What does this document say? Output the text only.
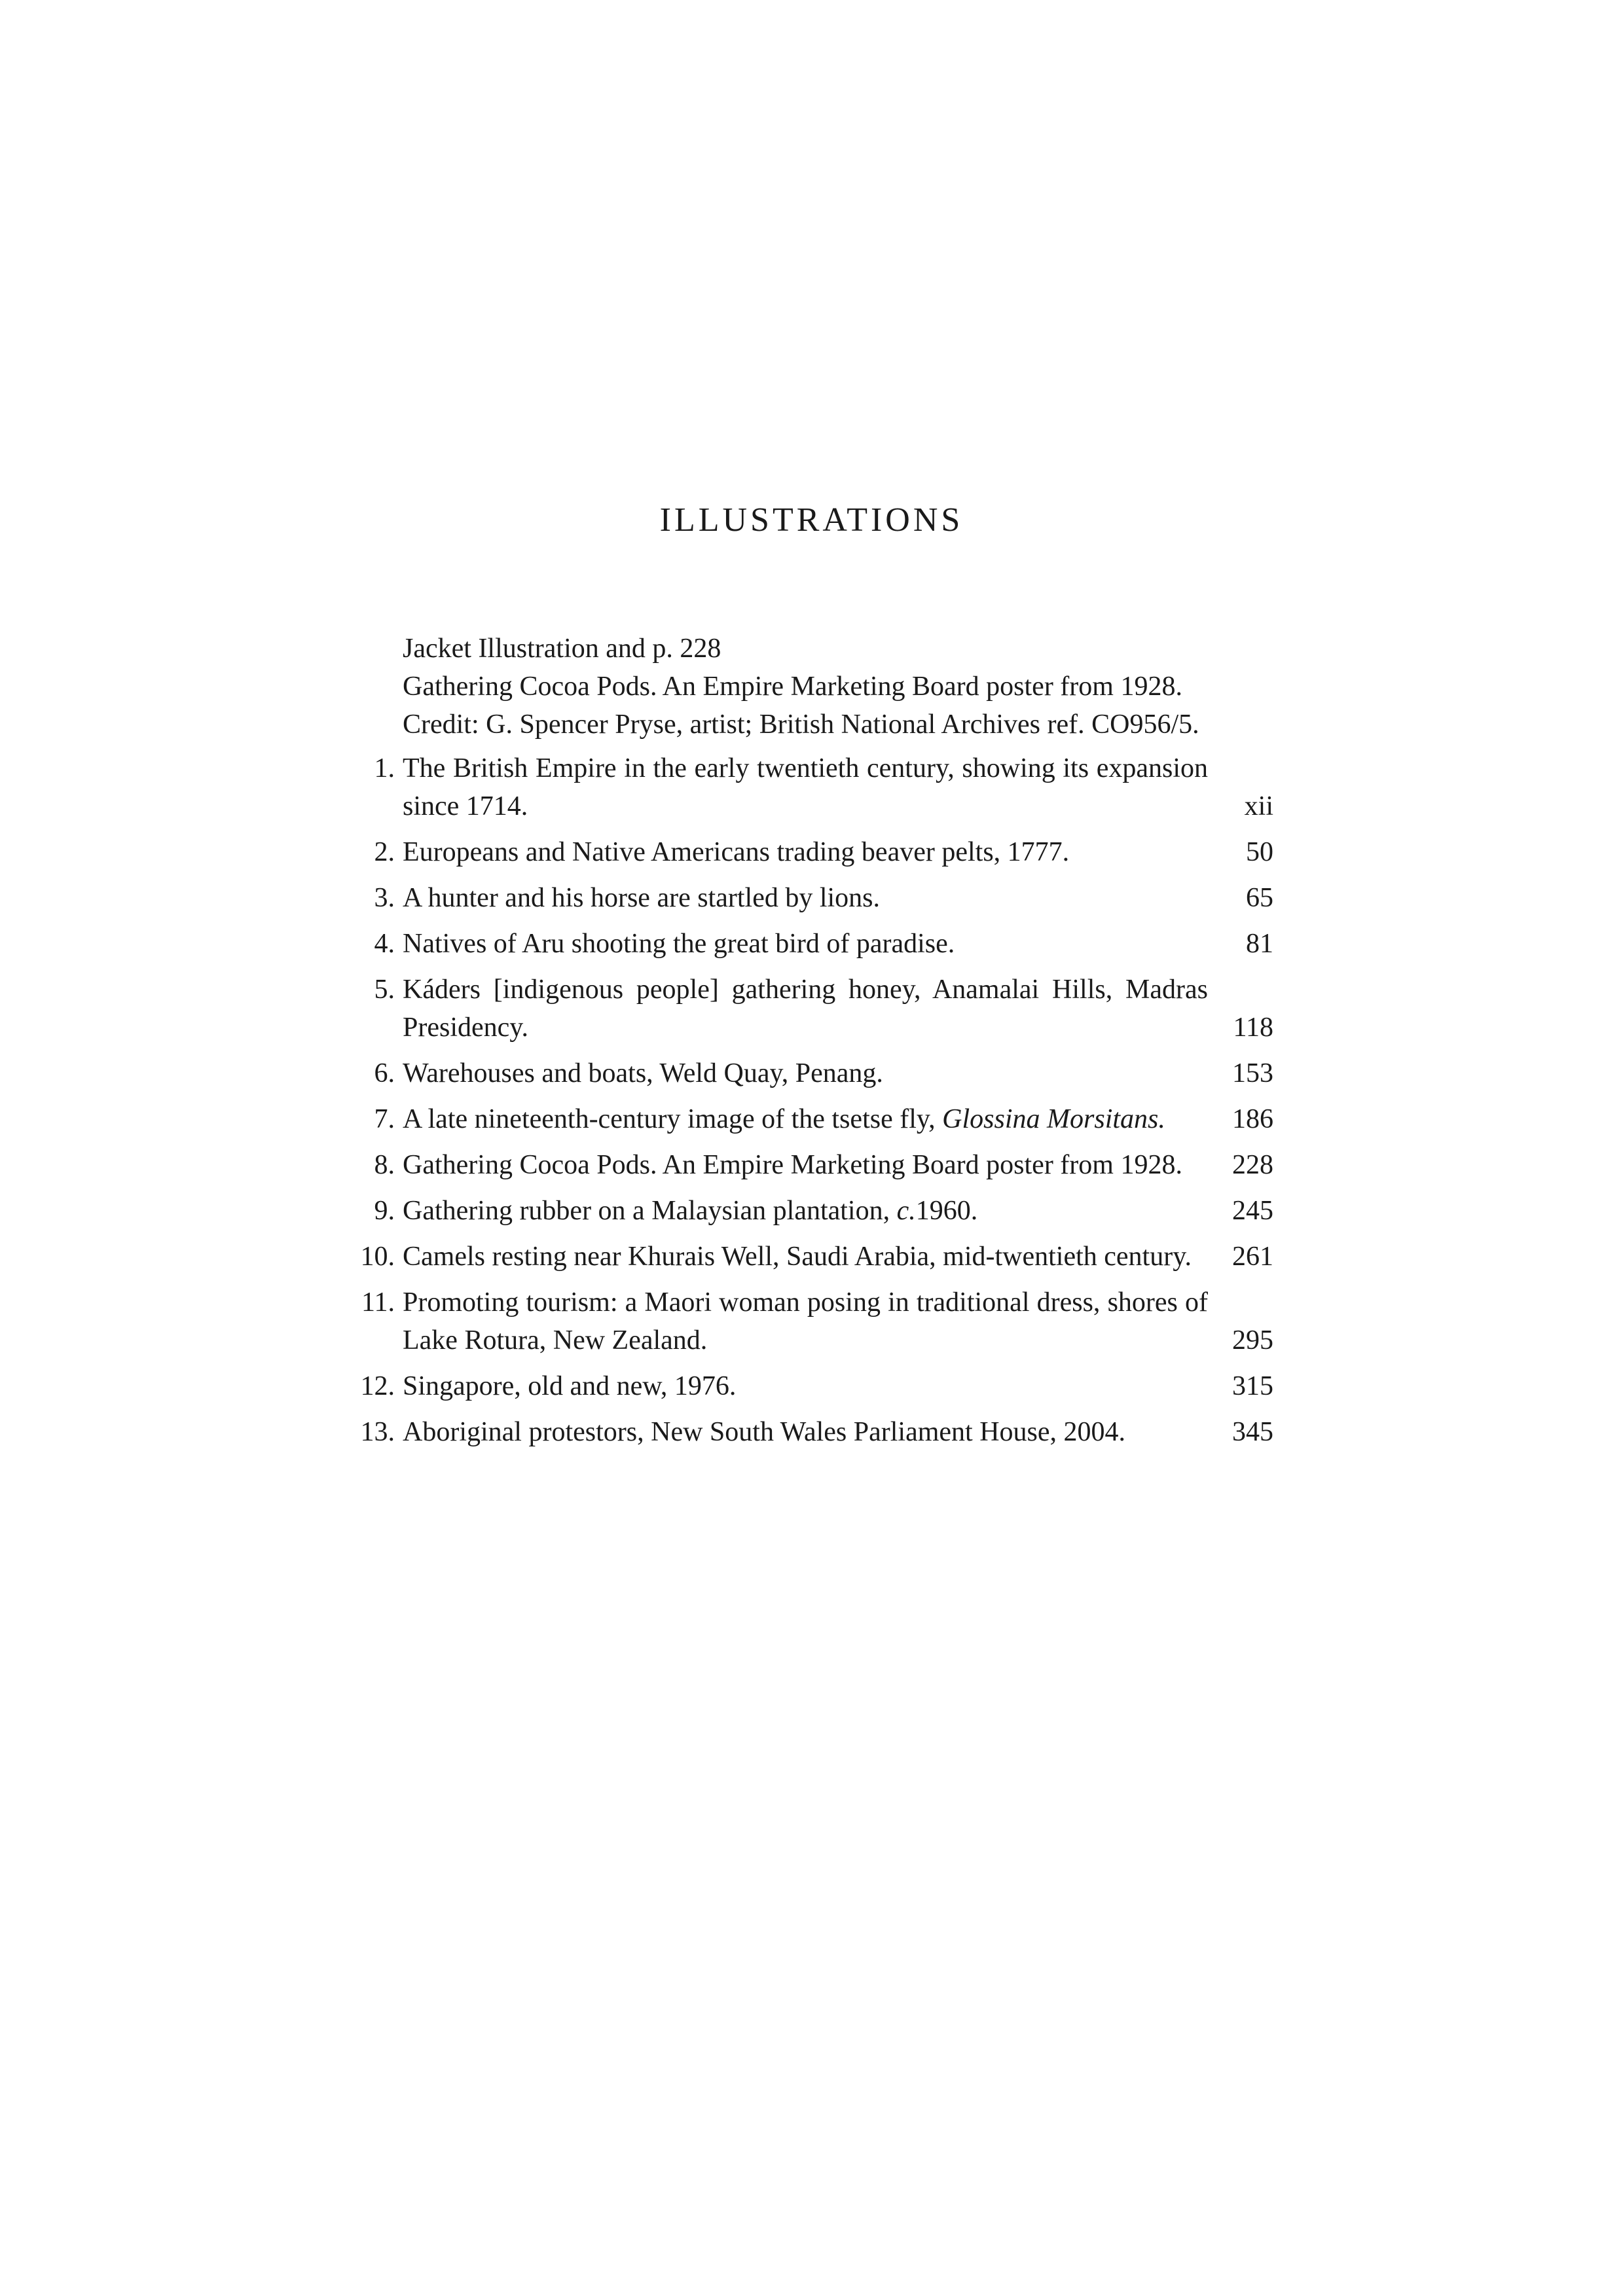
ILLUSTRATIONS
Jacket Illustration and p. 228
Gathering Cocoa Pods. An Empire Marketing Board poster from 1928.
Credit: G. Spencer Pryse, artist; British National Archives ref. CO956/5.
1. The British Empire in the early twentieth century, showing its expansion since 1714.	xii
2. Europeans and Native Americans trading beaver pelts, 1777.	50
3. A hunter and his horse are startled by lions.	65
4. Natives of Aru shooting the great bird of paradise.	81
5. Káders [indigenous people] gathering honey, Anamalai Hills, Madras Presidency.	118
6. Warehouses and boats, Weld Quay, Penang.	153
7. A late nineteenth-century image of the tsetse fly, Glossina Morsitans.	186
8. Gathering Cocoa Pods. An Empire Marketing Board poster from 1928.	228
9. Gathering rubber on a Malaysian plantation, c.1960.	245
10. Camels resting near Khurais Well, Saudi Arabia, mid-twentieth century.	261
11. Promoting tourism: a Maori woman posing in traditional dress, shores of Lake Rotura, New Zealand.	295
12. Singapore, old and new, 1976.	315
13. Aboriginal protestors, New South Wales Parliament House, 2004.	345
